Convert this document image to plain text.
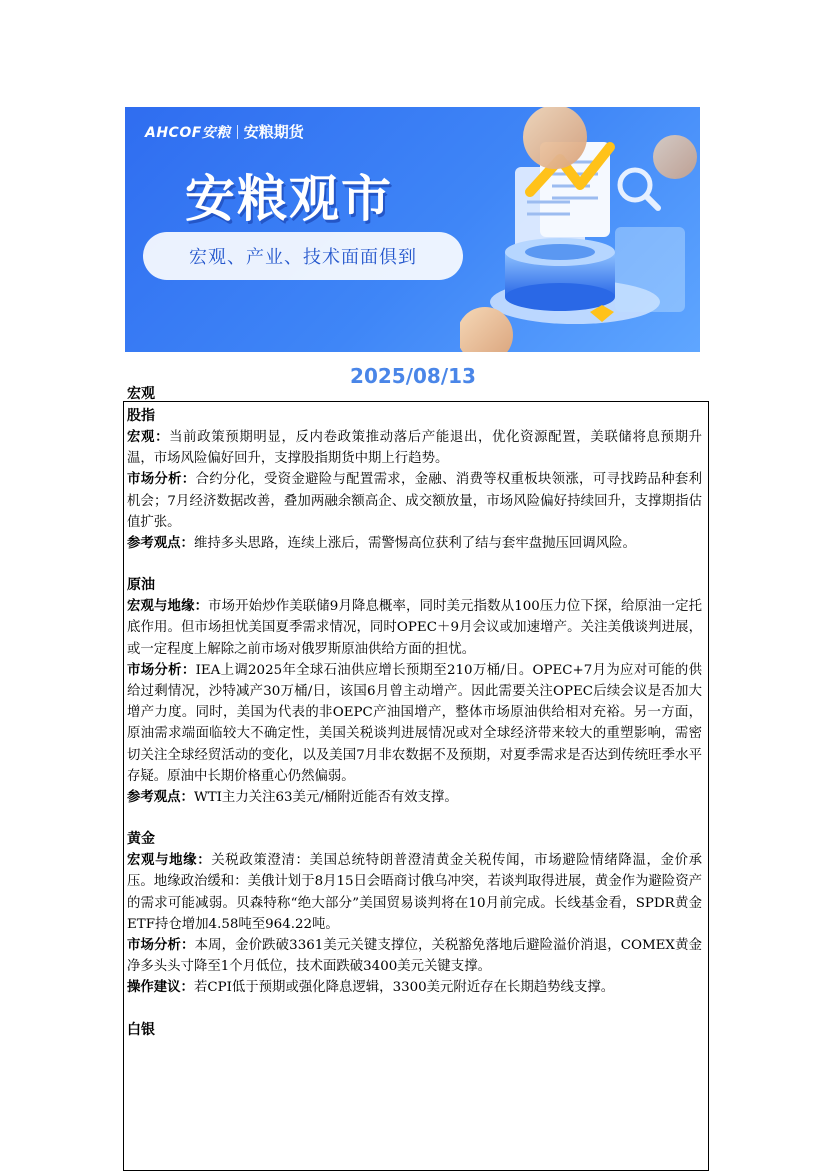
AHCOF安粮 安粮期货
安粮观市
宏观、产业、技术面面俱到
2025/08/13
宏观
股指

宏观：当前政策预期明显，反内卷政策推动落后产能退出，优化资源配置，美联储将息预期升温，市场风险偏好回升，支撑股指期货中期上行趋势。

市场分析：合约分化，受资金避险与配置需求，金融、消费等权重板块领涨，可寻找跨品种套利机会；7月经济数据改善，叠加两融余额高企、成交额放量，市场风险偏好持续回升，支撑期指估值扩张。

参考观点：维持多头思路，连续上涨后，需警惕高位获利了结与套牢盘抛压回调风险。

原油

宏观与地缘：市场开始炒作美联储9月降息概率，同时美元指数从100压力位下探，给原油一定托底作用。但市场担忧美国夏季需求情况，同时OPEC＋9月会议或加速增产。关注美俄谈判进展，或一定程度上解除之前市场对俄罗斯原油供给方面的担忧。

市场分析：IEA上调2025年全球石油供应增长预期至210万桶/日。OPEC+7月为应对可能的供给过剩情况，沙特减产30万桶/日，该国6月曾主动增产。因此需要关注OPEC后续会议是否加大增产力度。同时，美国为代表的非OEPC产油国增产，整体市场原油供给相对充裕。另一方面，原油需求端面临较大不确定性，美国关税谈判进展情况或对全球经济带来较大的重塑影响，需密切关注全球经贸活动的变化，以及美国7月非农数据不及预期，对夏季需求是否达到传统旺季水平存疑。原油中长期价格重心仍然偏弱。

参考观点：WTI主力关注63美元/桶附近能否有效支撑。

黄金

宏观与地缘：关税政策澄清：美国总统特朗普澄清黄金关税传闻，市场避险情绪降温，金价承压。地缘政治缓和：美俄计划于8月15日会晤商讨俄乌冲突，若谈判取得进展，黄金作为避险资产的需求可能减弱。贝森特称“绝大部分”美国贸易谈判将在10月前完成。长线基金看，SPDR黄金ETF持仓增加4.58吨至964.22吨。

市场分析：本周，金价跌破3361美元关键支撑位，关税豁免落地后避险溢价消退，COMEX黄金净多头头寸降至1个月低位，技术面跌破3400美元关键支撑。

操作建议：若CPI低于预期或强化降息逻辑，3300美元附近存在长期趋势线支撑。

白银
